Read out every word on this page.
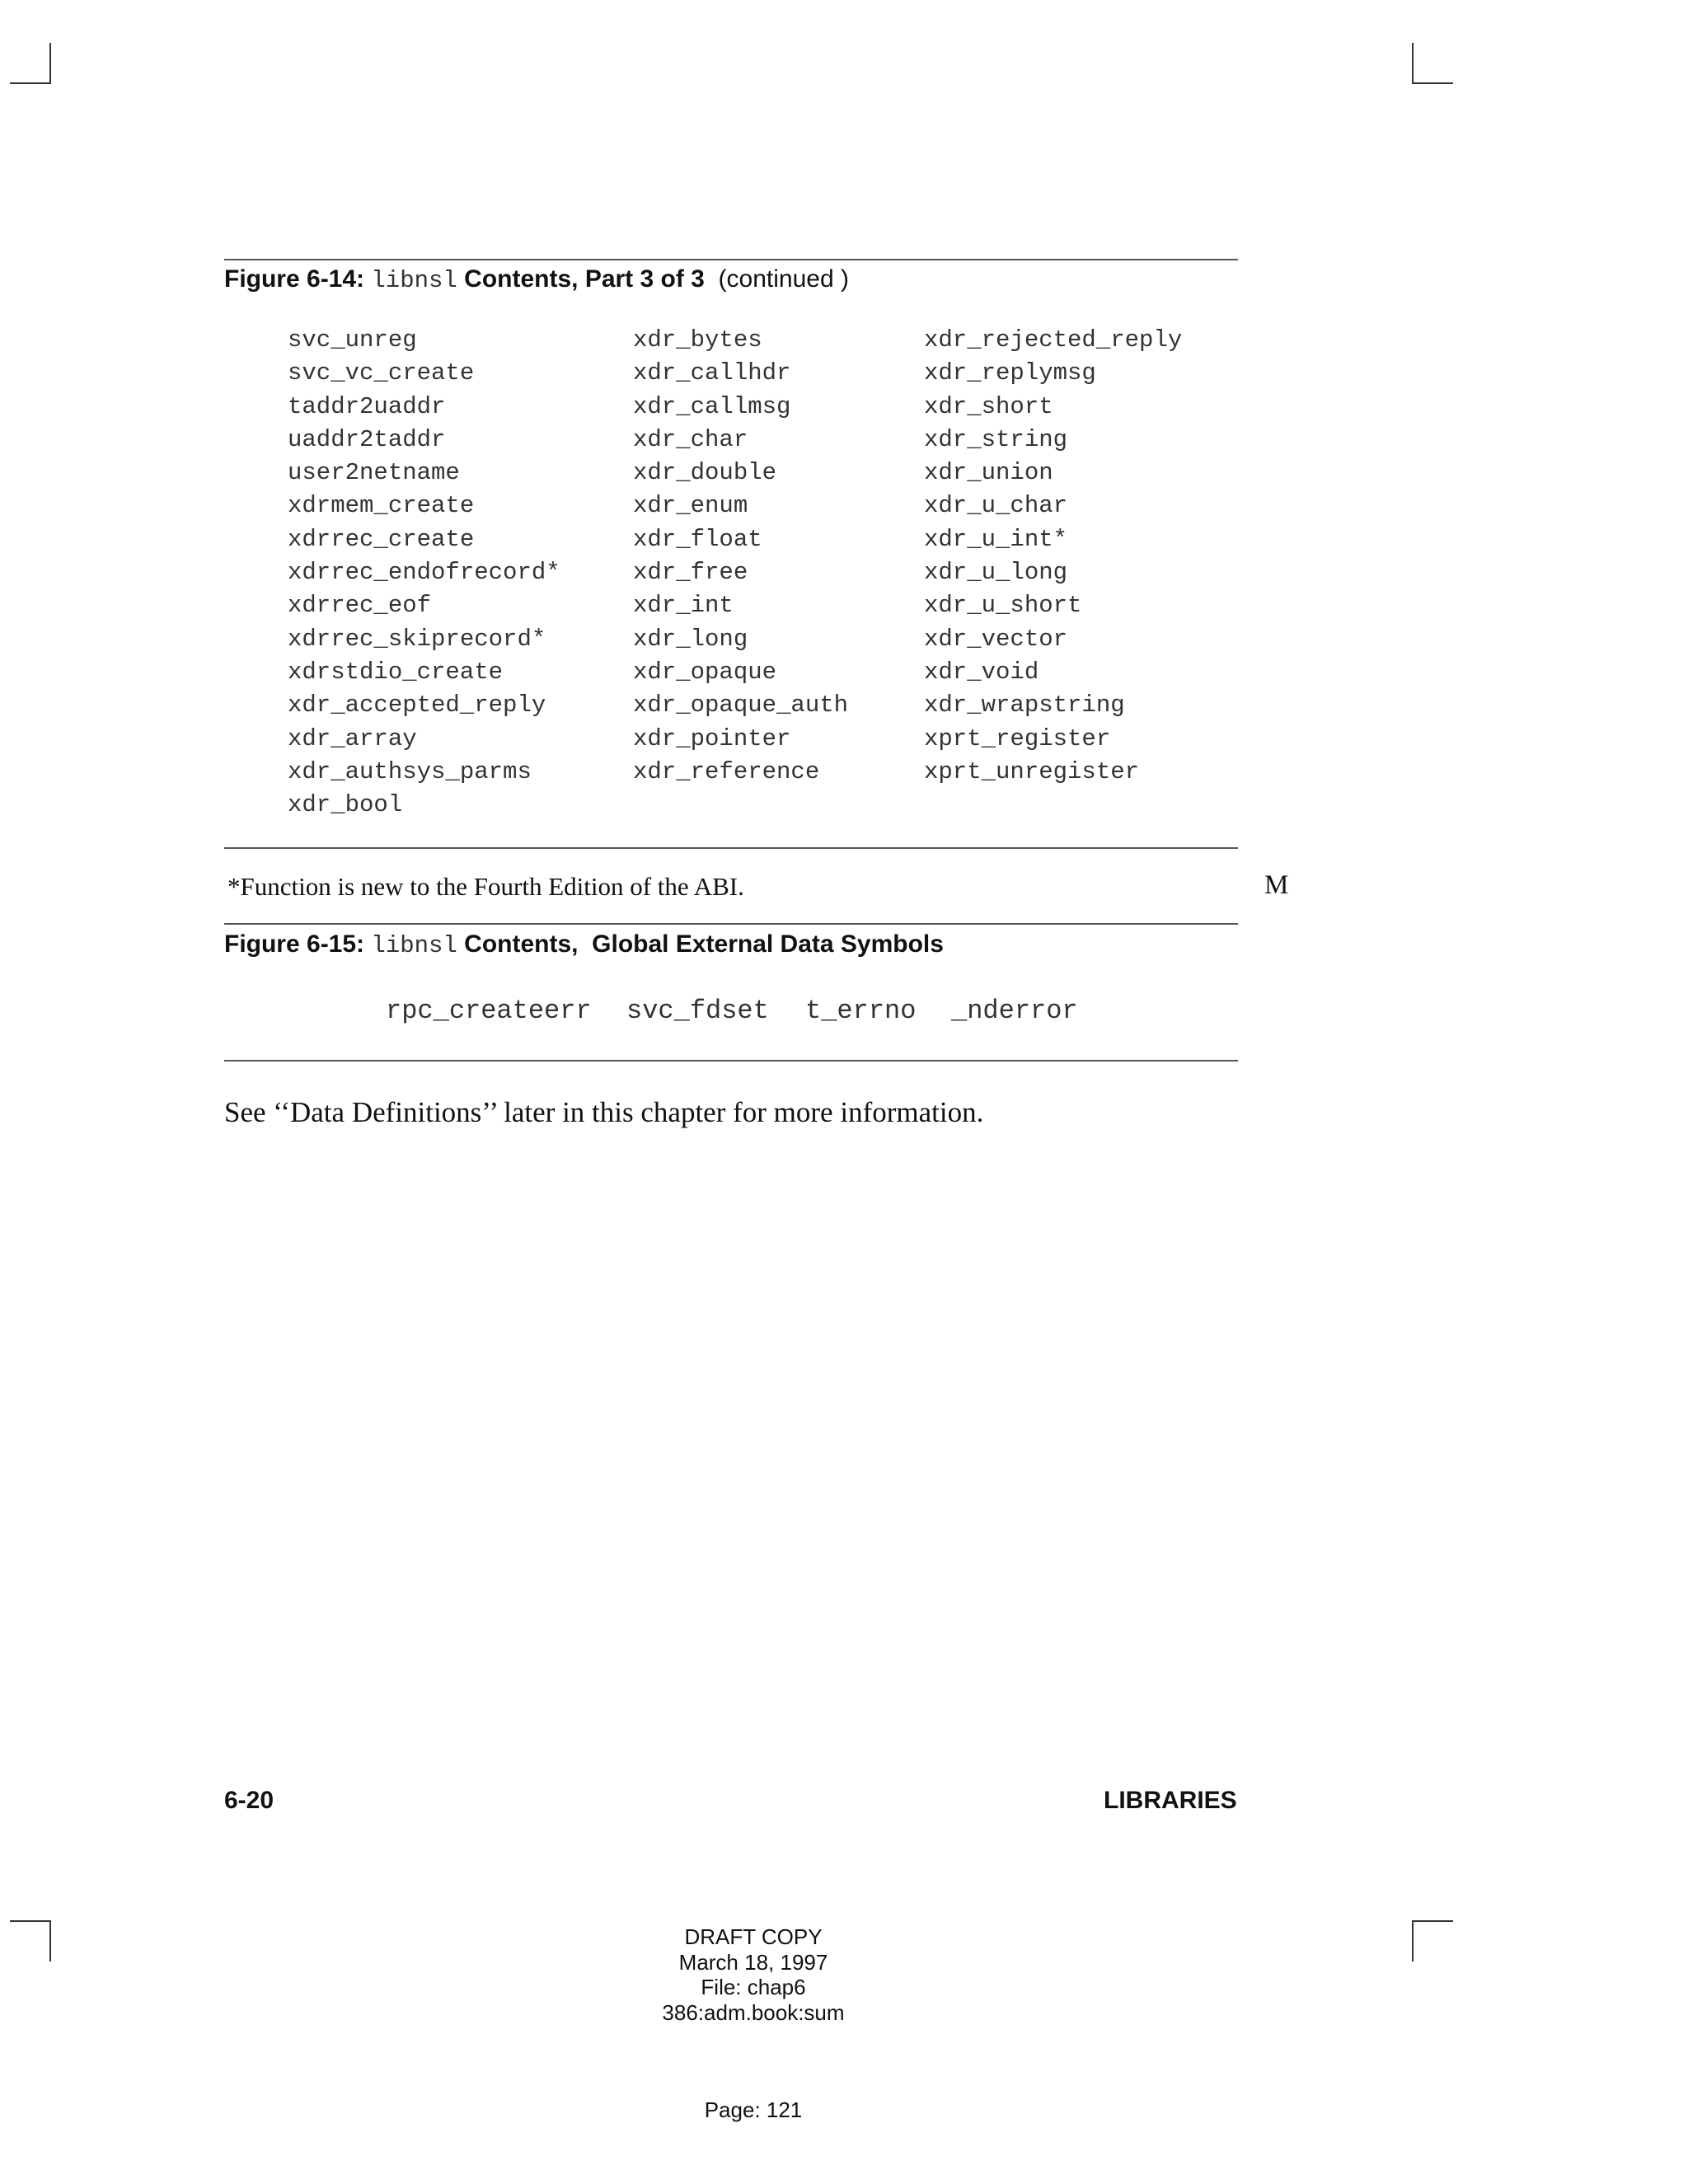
Figure 6-14: libnsl Contents, Part 3 of 3 (continued )
svc_unreg
svc_vc_create
taddr2uaddr
uaddr2taddr
user2netname
xdrmem_create
xdrrec_create
xdrrec_endofrecord*
xdrrec_eof
xdrrec_skiprecord*
xdrstdio_create
xdr_accepted_reply
xdr_array
xdr_authsys_parms
xdr_bool
xdr_bytes
xdr_callhdr
xdr_callmsg
xdr_char
xdr_double
xdr_enum
xdr_float
xdr_free
xdr_int
xdr_long
xdr_opaque
xdr_opaque_auth
xdr_pointer
xdr_reference
xdr_rejected_reply
xdr_replymsg
xdr_short
xdr_string
xdr_union
xdr_u_char
xdr_u_int*
xdr_u_long
xdr_u_short
xdr_vector
xdr_void
xdr_wrapstring
xprt_register
xprt_unregister
*Function is new to the Fourth Edition of the ABI.	M
Figure 6-15: libnsl Contents,  Global External Data Symbols
rpc_createerr svc_fdset t_errno _nderror
See ‘‘Data Definitions’’ later in this chapter for more information.
6-20	LIBRARIES
DRAFT COPY
March 18, 1997
File: chap6
386:adm.book:sum
Page: 121
